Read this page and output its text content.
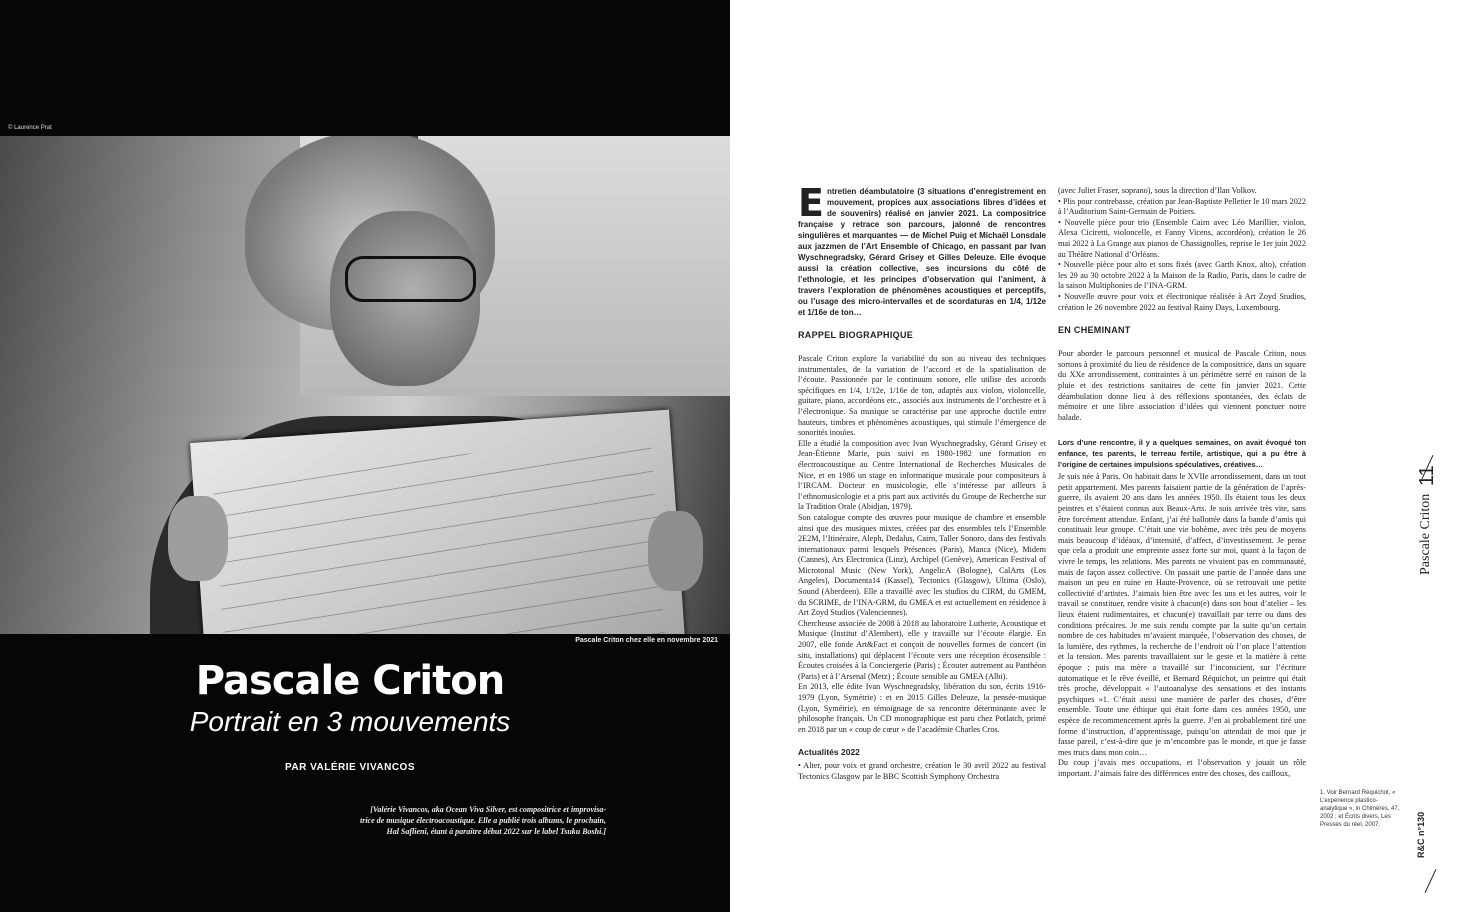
© Laurence Prat
Pascale Criton chez elle en novembre 2021
Pascale Criton
Portrait en 3 mouvements
PAR VALÉRIE VIVANCOS
[Valérie Vivancos, aka Ocean Viva Silver, est compositrice et improvisa-
trice de musique électroacoustique. Elle a publié trois albums, le prochain,
Hal Saflieni, étant à paraître début 2022 sur le label Tsuku Boshi.]

Entretien déambulatoire (3 situations d’enregistrement en mouvement, propices aux associations libres d’idées et de souvenirs) réalisé en janvier 2021. La compositrice française y retrace son parcours, jalonné de rencontres singulières et marquantes — de Michel Puig et Michaël Lonsdale aux jazzmen de l’Art Ensemble of Chicago, en passant par Ivan Wyschnegradsky, Gérard Grisey et Gilles Deleuze. Elle évoque aussi la création collective, ses incursions du côté de l’ethnologie, et les principes d’observation qui l’animent, à travers l’exploration de phénomènes acoustiques et perceptifs, ou l’usage des micro-intervalles et de scordaturas en 1/4, 1/12e et 1/16e de ton…

RAPPEL BIOGRAPHIQUE

Pascale Criton explore la variabilité du son au niveau des techniques instrumentales, de la variation de l’accord et de la spatialisation de l’écoute. Passionnée par le continuum sonore, elle utilise des accords spécifiques en 1/4, 1/12e, 1/16e de ton, adaptés aux violon, violoncelle, guitare, piano, accordéons etc., associés aux instruments de l’orchestre et à l’électronique. Sa musique se caractérise par une approche ductile entre hauteurs, timbres et phénomènes acoustiques, qui stimule l’émergence de sonorités inouïes.

Elle a étudié la composition avec Ivan Wyschnegradsky, Gérard Grisey et Jean-Étienne Marie, puis suivi en 1980-1982 une formation en électroacoustique au Centre International de Recherches Musicales de Nice, et en 1986 un stage en informatique musicale pour compositeurs à l’IRCAM. Docteur en musicologie, elle s’intéresse par ailleurs à l’ethnomusicologie et a pris part aux activités du Groupe de Recherche sur la Tradition Orale (Abidjan, 1979).

Son catalogue compte des œuvres pour musique de chambre et ensemble ainsi que des musiques mixtes, créées par des ensembles tels l’Ensemble 2E2M, l’Itinéraire, Aleph, Dedalus, Cairn, Taller Sonoro, dans des festivals internationaux parmi lesquels Présences (Paris), Manca (Nice), Midem (Cannes), Ars Electronica (Linz), Archipel (Genève), American Festival of Microtonal Music (New York), AngelicA (Bologne), CalArts (Los Angeles), Documenta14 (Kassel), Tectonics (Glasgow), Ultima (Oslo), Sound (Aberdeen). Elle a travaillé avec les studios du CIRM, du GMEM, du SCRIME, de l’INA-GRM, du GMEA et est actuellement en résidence à Art Zoyd Studios (Valenciennes).

Chercheuse associée de 2008 à 2018 au laboratoire Lutherie, Acoustique et Musique (Institut d’Alembert), elle y travaille sur l’écoute élargie. En 2007, elle fonde Art&Fact et conçoit de nouvelles formes de concert (in situ, installations) qui déplacent l’écoute vers une réception écosensible : Écoutes croisées à la Conciergerie (Paris) ; Écouter autrement au Panthéon (Paris) et à l’Arsenal (Metz) ; Écoute sensible au GMEA (Albi).

En 2013, elle édite Ivan Wyschnegradsky, libération du son, écrits 1916-1979 (Lyon, Symétrie) : et en 2015 Gilles Deleuze, la pensée-musique (Lyon, Symétrie), en témoignage de sa rencontre déterminante avec le philosophe français. Un CD monographique est paru chez Potlatch, primé en 2018 par un « coup de cœur » de l’académie Charles Cros.

Actualités 2022

• Alter, pour voix et grand orchestre, création le 30 avril 2022 au festival Tectonics Glasgow par le BBC Scottish Symphony Orchestra

(avec Juliet Fraser, soprano), sous la direction d’Ilan Volkov.

• Plis pour contrebasse, création par Jean-Baptiste Pelletier le 10 mars 2022 à l’Auditorium Saint-Germain de Poitiers.

• Nouvelle pièce pour trio (Ensemble Cairn avec Léo Marillier, violon, Alexa Ciciretti, violoncelle, et Fanny Vicens, accordéon), création le 26 mai 2022 à La Grange aux pianos de Chassignolles, reprise le 1er juin 2022 au Théâtre National d’Orléans.

• Nouvelle pièce pour alto et sons fixés (avec Garth Knox, alto), création les 29 au 30 octobre 2022 à la Maison de la Radio, Paris, dans le cadre de la saison Multiphonies de l’INA-GRM.

• Nouvelle œuvre pour voix et électronique réalisée à Art Zoyd Studios, création le 26 novembre 2022 au festival Rainy Days, Luxembourg.

EN CHEMINANT

Pour aborder le parcours personnel et musical de Pascale Criton, nous sortons à proximité du lieu de résidence de la compositrice, dans un square du XXe arrondissement, contraintes à un périmètre serré en raison de la pluie et des restrictions sanitaires de cette fin janvier 2021. Cette déambulation donne lieu à des réflexions spontanées, des éclats de mémoire et une libre association d’idées qui viennent ponctuer notre balade.

Lors d’une rencontre, il y a quelques semaines, on avait évoqué ton enfance, tes parents, le terreau fertile, artistique, qui a pu être à l’origine de certaines impulsions spéculatives, créatives…

Je suis née à Paris. On habitait dans le XVIIe arrondissement, dans un tout petit appartement. Mes parents faisaient partie de la génération de l’après-guerre, ils avaient 20 ans dans les années 1950. Ils étaient tous les deux peintres et s’étaient connus aux Beaux-Arts. Je suis arrivée très vite, sans être forcément attendue. Enfant, j’ai été ballottée dans la bande d’amis qui constituait leur groupe. C’était une vie bohème, avec très peu de moyens mais beaucoup d’idéaux, d’intensité, d’affect, d’investissement. Je pense que cela a produit une empreinte assez forte sur moi, quant à la façon de vivre le temps, les relations. Mes parents ne vivaient pas en communauté, mais de façon assez collective. On passait une partie de l’année dans une maison un peu en ruine en Haute-Provence, où se retrouvait une petite collectivité d’artistes. J’aimais bien être avec les uns et les autres, voir le travail se constituer, rendre visite à chacun(e) dans son bout d’atelier – les lieux étaient rudimentaires, et chacun(e) travaillait par terre ou dans des conditions précaires. Je me suis rendu compte par la suite qu’un certain nombre de ces habitudes m’avaient marquée, l’observation des choses, de la lumière, des rythmes, la recherche de l’endroit où l’on place l’attention et la tension. Mes parents travaillaient sur le geste et la matière à cette époque ; puis ma mère a travaillé sur l’inconscient, sur l’écriture automatique et le rêve éveillé, et Bernard Réquichot, un peintre qui était très proche, développait « l’autoanalyse des sensations et des instants psychiques »1. C’était aussi une manière de parler des choses, d’être ensemble. Toute une éthique qui était forte dans ces années 1950, une espèce de recommencement après la guerre. J’en ai probablement tiré une forme d’instruction, d’apprentissage, puisqu’on attendait de moi que je fasse pareil, c’est-à-dire que je m’encombre pas le monde, et que je fasse mes trucs dans mon coin…

Du coup j’avais mes occupations, et l’observation y jouait un rôle important. J’aimais faire des différences entre des choses, des cailloux,

1. Voir Bernard Réquichot, « L’expérience plastico-analytique », in Chimères, 47, 2002 ; et Écrits divers, Les Presses du réel, 2007.
11
Pascale Criton
R&C n°130
